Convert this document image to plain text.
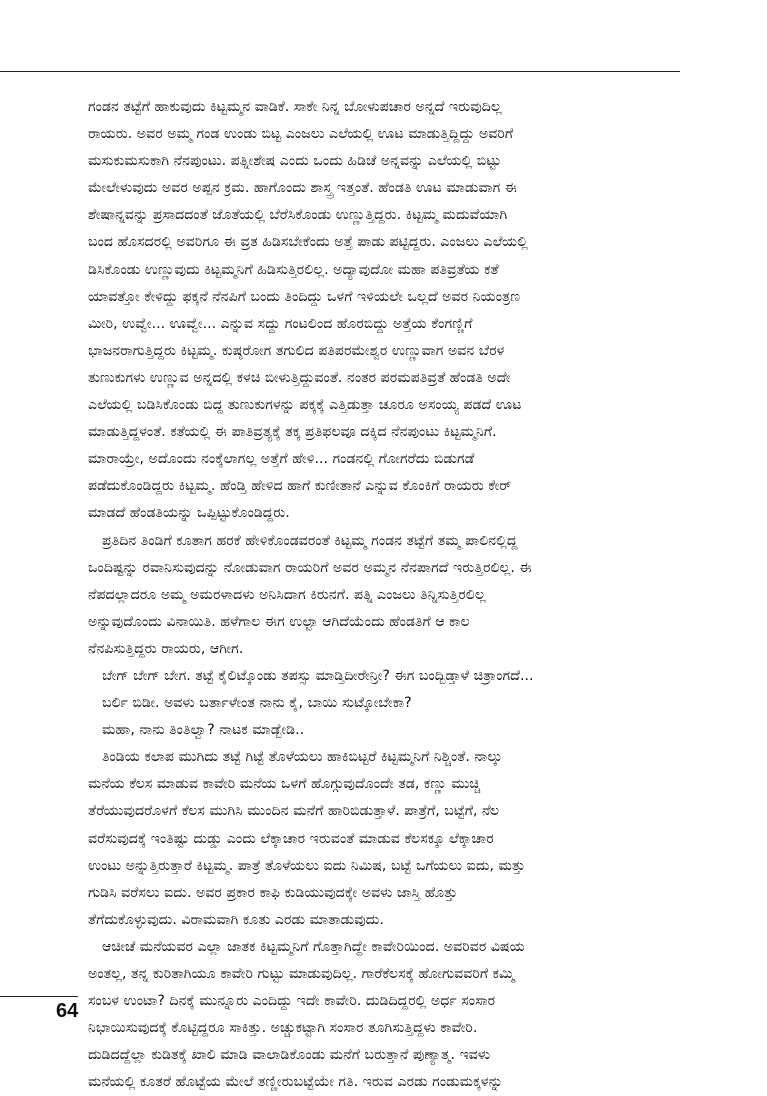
ಗಂಡನ ತಟ್ಟೆಗೆ ಹಾಕುವುದು ಕಿಟ್ಟಮ್ಮನ ವಾಡಿಕೆ. ಸಾಕೇ ನಿನ್ನ ಬೋಳುಪಚಾರ ಅನ್ನದೆ ಇರುವುದಿಲ್ಲ
ರಾಯರು. ಅವರ ಅಮ್ಮ ಗಂಡ ಉಂಡು ಬಿಟ್ಟ ಎಂಜಲು ಎಲೆಯಲ್ಲಿ ಊಟ ಮಾಡುತ್ತಿದ್ದಿದ್ದು ಅವರಿಗೆ
ಮಸುಕುಮಸುಕಾಗಿ ನೆನಪುಂಟು. ಪತ್ನೀಶೇಷ ಎಂದು ಒಂದು ಹಿಡಿಚೆ ಅನ್ನವನ್ನು ಎಲೆಯಲ್ಲಿ ಬಿಟ್ಟು
ಮೇಲೇಳುವುದು ಅವರ ಅಪ್ಪನ ಕ್ರಮ. ಹಾಗೊಂದು ಶಾಸ್ತ್ರ ಇತ್ತಂತೆ. ಹೆಂಡತಿ ಊಟ ಮಾಡುವಾಗ ಈ
ಶೇಷಾನ್ನವನ್ನು ಪ್ರಸಾದದಂತೆ ಜೊತೆಯಲ್ಲಿ ಬೆರೆಸಿಕೊಂಡು ಉಣ್ಣುತ್ತಿದ್ದರು. ಕಿಟ್ಟಮ್ಮ ಮದುವೆಯಾಗಿ
ಬಂದ ಹೊಸದರಲ್ಲಿ ಅವರಿಗೂ ಈ ವ್ರತ ಹಿಡಿಸಬೇಕೆಂದು ಅತ್ತೆ ಪಾಡು ಪಟ್ಟಿದ್ದರು. ಎಂಜಲು ಎಲೆಯಲ್ಲಿ
ಡಿಸಿಕೊಂಡು ಉಣ್ಣುವುದು ಕಿಟ್ಟಮ್ಮನಿಗೆ ಹಿಡಿಸುತ್ತಿರಲಿಲ್ಲ. ಅದ್ಯಾವುದೋ ಮಹಾ ಪತಿವ್ರತೆಯ ಕತೆ
ಯಾವತ್ತೋ ಕೇಳಿದ್ದು ಫಕ್ಕನೆ ನೆನಪಿಗೆ ಬಂದು ತಿಂದಿದ್ದು ಒಳಗೆ ಇಳಿಯಲೇ ಒಲ್ಲದೆ ಅವರ ನಿಯಂತ್ರಣ
ಮೀರಿ, ಉವ್ವೇ... ಊವ್ವೇ... ಎನ್ನುವ ಸದ್ದು ಗಂಟಲಿಂದ ಹೊರಬಿದ್ದು ಅತ್ತೆಯ ಕೆಂಗಣ್ಣಿಗೆ
ಭಾಜನರಾಗುತ್ತಿದ್ದರು ಕಿಟ್ಟಮ್ಮ. ಕುಷ್ಠರೋಗ ತಗುಲಿದ ಪತಿಪರಮೇಶ್ವರ ಉಣ್ಣುವಾಗ ಅವನ ಬೆರಳ
ತುಣುಕುಗಳು ಉಣ್ಣುವ ಅನ್ನದಲ್ಲಿ ಕಳಚಿ ಬೀಳುತ್ತಿದ್ದುವಂತೆ. ನಂತರ ಪರಮಪತಿವ್ರತೆ ಹೆಂಡತಿ ಅದೇ
ಎಲೆಯಲ್ಲಿ ಬಡಿಸಿಕೊಂಡು ಬಿದ್ದ ತುಣುಕುಗಳನ್ನು ಪಕ್ಕಕ್ಕೆ ಎತ್ತಿಡುತ್ತಾ ಚೂರೂ ಅಸಂಯ್ಯ ಪಡದೆ ಊಟ
ಮಾಡುತ್ತಿದ್ದಳಂತೆ. ಕತೆಯಲ್ಲಿ ಈ ಪಾತಿವ್ರತ್ಯಕ್ಕೆ ತಕ್ಕ ಪ್ರತಿಫಲವೂ ದಕ್ಕಿದ ನೆನಪುಂಟು ಕಿಟ್ಟಮ್ಮನಿಗೆ.
ಮಾರಾಯ್ರೇ, ಅದೊಂದು ನಂಕ್ಕೆಲಾಗಲ್ಲ ಅತ್ತೆಗೆ ಹೇಳಿ... ಗಂಡನಲ್ಲಿ ಗೋಗರೆದು ಬಿಡುಗಡೆ
ಪಡೆದುಕೊಂಡಿದ್ದರು ಕಿಟ್ಟಮ್ಮ. ಹೆಂಡ್ತಿ ಹೇಳಿದ ಹಾಗೆ ಕುಣೀತಾನೆ ಎನ್ನುವ ಕೊಂಕಿಗೆ ರಾಯರು ಕೇರ್
ಮಾಡದೆ ಹೆಂಡತಿಯನ್ನು ಒಪ್ಪಿಟ್ಟುಕೊಂಡಿದ್ದರು.
ಪ್ರತಿದಿನ ತಿಂಡಿಗೆ ಕೂತಾಗ ಹರಕೆ ಹೇಳಿಕೊಂಡವರಂತೆ ಕಿಟ್ಟಮ್ಮ ಗಂಡನ ತಟ್ಟೆಗೆ ತಮ್ಮ ಪಾಲಿನಲ್ಲಿದ್ದ
ಒಂದಿಷ್ಟನ್ನು ರವಾನಿಸುವುದನ್ನು ನೋಡುವಾಗ ರಾಯರಿಗೆ ಅವರ ಅಮ್ಮನ ನೆನಪಾಗದೆ ಇರುತ್ತಿರಲಿಲ್ಲ. ಈ
ನೆಪದಲ್ಲಾದರೂ ಅಮ್ಮ ಅಮರಳಾದಳು ಅನಿಸಿದಾಗ ಕಿರುನಗೆ. ಪತ್ನಿ ಎಂಜಲು ತಿನ್ನಿಸುತ್ತಿರಲಿಲ್ಲ
ಅನ್ನುವುದೊಂದು ವಿನಾಯಿತಿ. ಹಳೆಗಾಲ ಈಗ ಉಲ್ಟಾ ಆಗಿದೆಯೆಂದು ಹೆಂಡತಿಗೆ ಆ ಕಾಲ
ನೆನಪಿಸುತ್ತಿದ್ದರು ರಾಯರು, ಆಗೀಗ.
ಬೇಗ್ ಬೇಗ್ ಬೇಗ. ತಟ್ಟೆ ಕೈಲಿಟ್ಕೊಂಡು ತಪಸ್ಸು ಮಾಡ್ತಿದೀರೇನ್ರೀ? ಈಗ ಬಂದ್ಬಿಡ್ತಾಳೆ ಚಿತ್ರಾಂಗದೆ...
ಬರ್ಲಿ ಬಿಡೀ. ಅವಳು ಬರ್ತಾಳೇಂತ ನಾನು ಕೈ, ಬಾಯಿ ಸುಟ್ಕೋಬೇಕಾ?
ಮಹಾ, ನಾನು ತಿಂತಿಲ್ವಾ? ನಾಟಕ ಮಾಡ್ಬೇಡಿ..
ತಿಂಡಿಯ ಕಲಾಪ ಮುಗಿದು ತಟ್ಟೆ ಗಿಟ್ಟೆ ತೊಳೆಯಲು ಹಾಕಿಬಿಟ್ಟರೆ ಕಿಟ್ಟಮ್ಮನಿಗೆ ನಿಶ್ಚಿಂತೆ. ನಾಲ್ಕು
ಮನೆಯ ಕೆಲಸ ಮಾಡುವ ಕಾವೇರಿ ಮನೆಯ ಒಳಗೆ ಹೊಗ್ಗುವುದೊಂದೇ ತಡ, ಕಣ್ಣು ಮುಚ್ಚಿ
ತೆರೆಯುವುದರೊಳಗೆ ಕೆಲಸ ಮುಗಿಸಿ ಮುಂದಿನ ಮನೆಗೆ ಹಾರಿಬಿಡುತ್ತಾಳೆ. ಪಾತ್ರೆಗೆ, ಬಟ್ಟೆಗೆ, ನೆಲ
ವರೆಸುವುದಕ್ಕೆ ಇಂತಿಷ್ಟು ದುಡ್ಡು ಎಂದು ಲೆಕ್ಕಾಚಾರ ಇರುವಂತೆ ಮಾಡುವ ಕೆಲಸಕ್ಕೂ ಲೆಕ್ಕಾಚಾರ
ಉಂಟು ಅನ್ನುತ್ತಿರುತ್ತಾರೆ ಕಿಟ್ಟಮ್ಮ. ಪಾತ್ರೆ ತೊಳೆಯಲು ಐದು ನಿಮಿಷ, ಬಟ್ಟೆ ಒಗೆಯಲು ಐದು, ಮತ್ತು
ಗುಡಿಸಿ ವರೆಸಲು ಐದು. ಅವರ ಪ್ರಕಾರ ಕಾಫಿ ಕುಡಿಯುವುದಕ್ಕೇ ಅವಳು ಜಾಸ್ತಿ ಹೊತ್ತು
ತೆಗೆದುಕೊಳ್ಳುವುದು. ವಿರಾಮವಾಗಿ ಕೂತು ಎರಡು ಮಾತಾಡುವುದು.
ಆಚೀಚೆ ಮನೆಯವರ ಎಲ್ಲಾ ಜಾತಕ ಕಿಟ್ಟಮ್ಮನಿಗೆ ಗೊತ್ತಾಗಿದ್ದೇ ಕಾವೇರಿಯಿಂದ. ಅವರಿವರ ವಿಷಯ
ಅಂತಲ್ಲ, ತನ್ನ ಕುರಿತಾಗಿಯೂ ಕಾವೇರಿ ಗುಟ್ಟು ಮಾಡುವುದಿಲ್ಲ. ಗಾರೆಕೆಲಸಕ್ಕೆ ಹೋಗುವವರಿಗೆ ಕಮ್ಮಿ
ಸಂಬಳ ಉಂಟಾ? ದಿನಕ್ಕೆ ಮುನ್ನೂರು ಎಂದಿದ್ದು ಇದೇ ಕಾವೇರಿ. ದುಡಿದಿದ್ದರಲ್ಲಿ ಅರ್ಧ ಸಂಸಾರ
ನಿಭಾಯಿಸುವುದಕ್ಕೆ ಕೊಟ್ಟಿದ್ದರೂ ಸಾಕಿತ್ತು. ಅಚ್ಚುಕಟ್ಟಾಗಿ ಸಂಸಾರ ತೂಗಿಸುತ್ತಿದ್ದಳು ಕಾವೇರಿ.
ದುಡಿದದ್ದೆಲ್ಲಾ ಕುಡಿತಕ್ಕೆ ಖಾಲಿ ಮಾಡಿ ವಾಲಾಡಿಕೊಂಡು ಮನೆಗೆ ಬರುತ್ತಾನೆ ಪುಣ್ಯಾತ್ಮ. ಇವಳು
ಮನೆಯಲ್ಲಿ ಕೂತರೆ ಹೊಟ್ಟೆಯ ಮೇಲೆ ತಣ್ಣೀರುಬಟ್ಟೆಯೇ ಗತಿ. ಇರುವ ಎರಡು ಗಂಡುಮಕ್ಕಳನ್ನು
64
